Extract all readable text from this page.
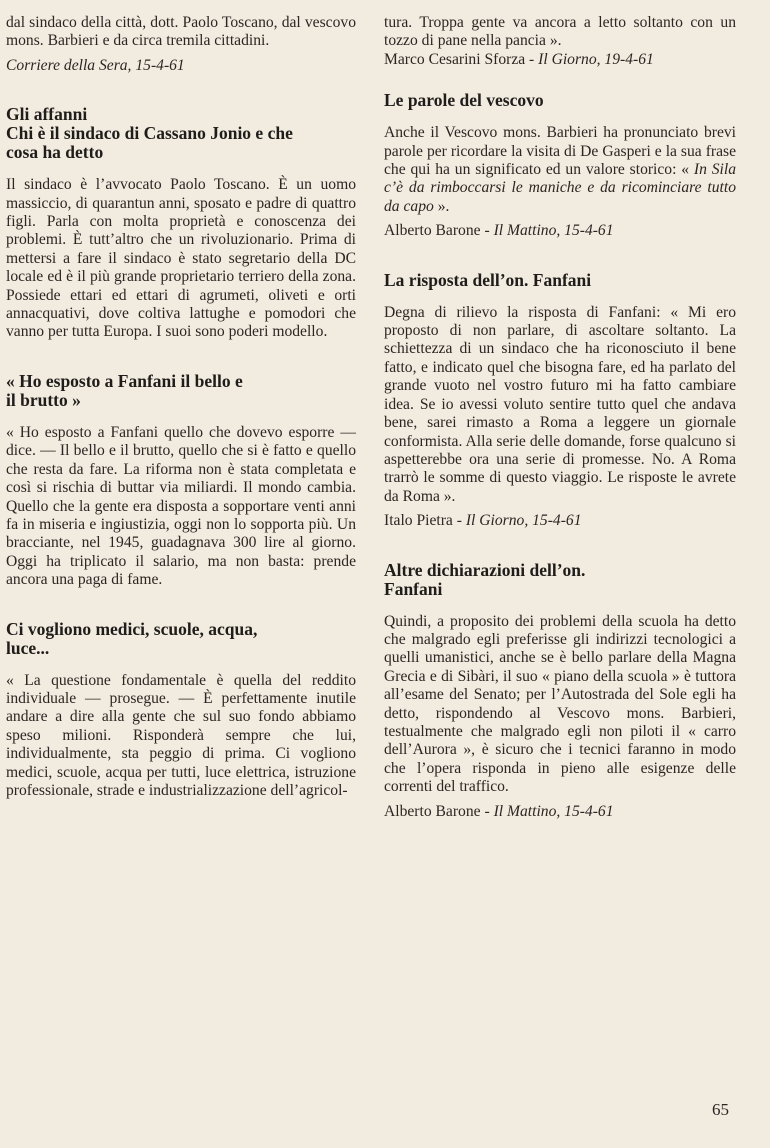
dal sindaco della città, dott. Paolo Toscano, dal vescovo mons. Barbieri e da circa tremila cittadini.

Corriere della Sera, 15-4-61

Gli affanni
Chi è il sindaco di Cassano Jonio e che cosa ha detto

Il sindaco è l’avvocato Paolo Toscano. È un uomo massiccio, di quarantun anni, sposato e padre di quattro figli. Parla con molta proprietà e conoscenza dei problemi. È tutt’altro che un rivoluzionario. Prima di mettersi a fare il sindaco è stato segretario della DC locale ed è il più grande proprietario terriero della zona. Possiede ettari ed ettari di agrumeti, oliveti e orti annacquativi, dove coltiva lattughe e pomodori che vanno per tutta Europa. I suoi sono poderi modello.

« Ho esposto a Fanfani il bello e il brutto »

« Ho esposto a Fanfani quello che dovevo esporre — dice. — Il bello e il brutto, quello che si è fatto e quello che resta da fare. La riforma non è stata completata e così si rischia di buttar via miliardi. Il mondo cambia. Quello che la gente era disposta a sopportare venti anni fa in miseria e ingiustizia, oggi non lo sopporta più. Un bracciante, nel 1945, guadagnava 300 lire al giorno. Oggi ha triplicato il salario, ma non basta: prende ancora una paga di fame.

Ci vogliono medici, scuole, acqua, luce...

« La questione fondamentale è quella del reddito individuale — prosegue. — È perfettamente inutile andare a dire alla gente che sul suo fondo abbiamo speso milioni. Risponderà sempre che lui, individualmente, sta peggio di prima. Ci vogliono medici, scuole, acqua per tutti, luce elettrica, istruzione professionale, strade e industrializzazione dell’agricol-

tura. Troppa gente va ancora a letto soltanto con un tozzo di pane nella pancia ».

Marco Cesarini Sforza - Il Giorno, 19-4-61

Le parole del vescovo

Anche il Vescovo mons. Barbieri ha pronunciato brevi parole per ricordare la visita di De Gasperi e la sua frase che qui ha un significato ed un valore storico: « In Sila c’è da rimboccarsi le maniche e da ricominciare tutto da capo ».

Alberto Barone - Il Mattino, 15-4-61

La risposta dell’on. Fanfani

Degna di rilievo la risposta di Fanfani: « Mi ero proposto di non parlare, di ascoltare soltanto. La schiettezza di un sindaco che ha riconosciuto il bene fatto, e indicato quel che bisogna fare, ed ha parlato del grande vuoto nel vostro futuro mi ha fatto cambiare idea. Se io avessi voluto sentire tutto quel che andava bene, sarei rimasto a Roma a leggere un giornale conformista. Alla serie delle domande, forse qualcuno si aspetterebbe ora una serie di promesse. No. A Roma trarrò le somme di questo viaggio. Le risposte le avrete da Roma ».

Italo Pietra - Il Giorno, 15-4-61

Altre dichiarazioni dell’on. Fanfani

Quindi, a proposito dei problemi della scuola ha detto che malgrado egli preferisse gli indirizzi tecnologici a quelli umanistici, anche se è bello parlare della Magna Grecia e di Sibàri, il suo « piano della scuola » è tuttora all’esame del Senato; per l’Autostrada del Sole egli ha detto, rispondendo al Vescovo mons. Barbieri, testualmente che malgrado egli non piloti il « carro dell’Aurora », è sicuro che i tecnici faranno in modo che l’opera risponda in pieno alle esigenze delle correnti del traffico.

Alberto Barone - Il Mattino, 15-4-61

65
